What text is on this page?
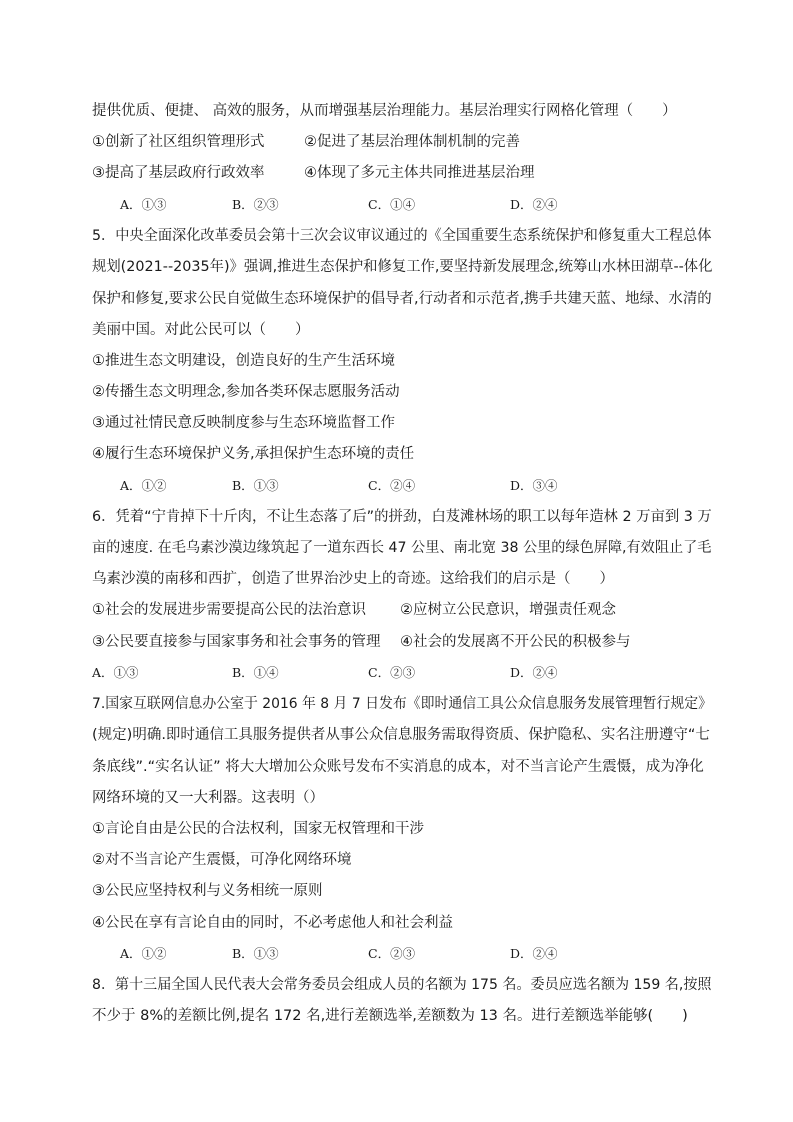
提供优质、便捷、 高效的服务，从而增强基层治理能力。基层治理实行网格化管理（　　）
①创新了社区组织管理形式	②促进了基层治理体制机制的完善
③提高了基层政府行政效率	④体现了多元主体共同推进基层治理
A．①③	B．②③	C．①④	D．②④
5．中央全面深化改革委员会第十三次会议审议通过的《全国重要生态系统保护和修复重大工程总体
规划(2021--2035年)》强调,推进生态保护和修复工作,要坚持新发展理念,统筹山水林田湖草--体化
保护和修复,要求公民自觉做生态环境保护的倡导者,行动者和示范者,携手共建天蓝、地绿、水清的
美丽中国。对此公民可以（　　）
①推进生态文明建设，创造良好的生产生活环境
②传播生态文明理念,参加各类环保志愿服务活动
③通过社情民意反映制度参与生态环境监督工作
④履行生态环境保护义务,承担保护生态环境的责任
A．①②	B．①③	C．②④	D．③④
6．凭着“宁肯掉下十斤肉，不让生态落了后”的拼劲，白芨滩林场的职工以每年造林 2 万亩到 3 万
亩的速度. 在毛乌素沙漠边缘筑起了一道东西长 47 公里、南北宽 38 公里的绿色屏障,有效阻止了毛
乌素沙漠的南移和西扩，创造了世界治沙史上的奇迹。这给我们的启示是（　　）
①社会的发展进步需要提高公民的法治意识 ②应树立公民意识，增强责任观念
③公民要直接参与国家事务和社会事务的管理 ④社会的发展离不开公民的积极参与
A．①③	B．①④	C．②③	D．②④
7.国家互联网信息办公室于 2016 年 8 月 7 日发布《即时通信工具公众信息服务发展管理暂行规定》
(规定)明确.即时通信工具服务提供者从事公众信息服务需取得资质、保护隐私、实名注册遵守“七
条底线”.“实名认证” 将大大增加公众账号发布不实消息的成本，对不当言论产生震慑，成为净化
网络环境的又一大利器。这表明（）
①言论自由是公民的合法权利，国家无权管理和干涉
②对不当言论产生震慑，可净化网络环境
③公民应坚持权利与义务相统一原则
④公民在享有言论自由的同时，不必考虑他人和社会利益
A．①②	B．①③	C．②③	D．②④
8．第十三届全国人民代表大会常务委员会组成人员的名额为 175 名。委员应选名额为 159 名,按照
不少于 8%的差额比例,提名 172 名,进行差额选举,差额数为 13 名。进行差额选举能够(　　)
